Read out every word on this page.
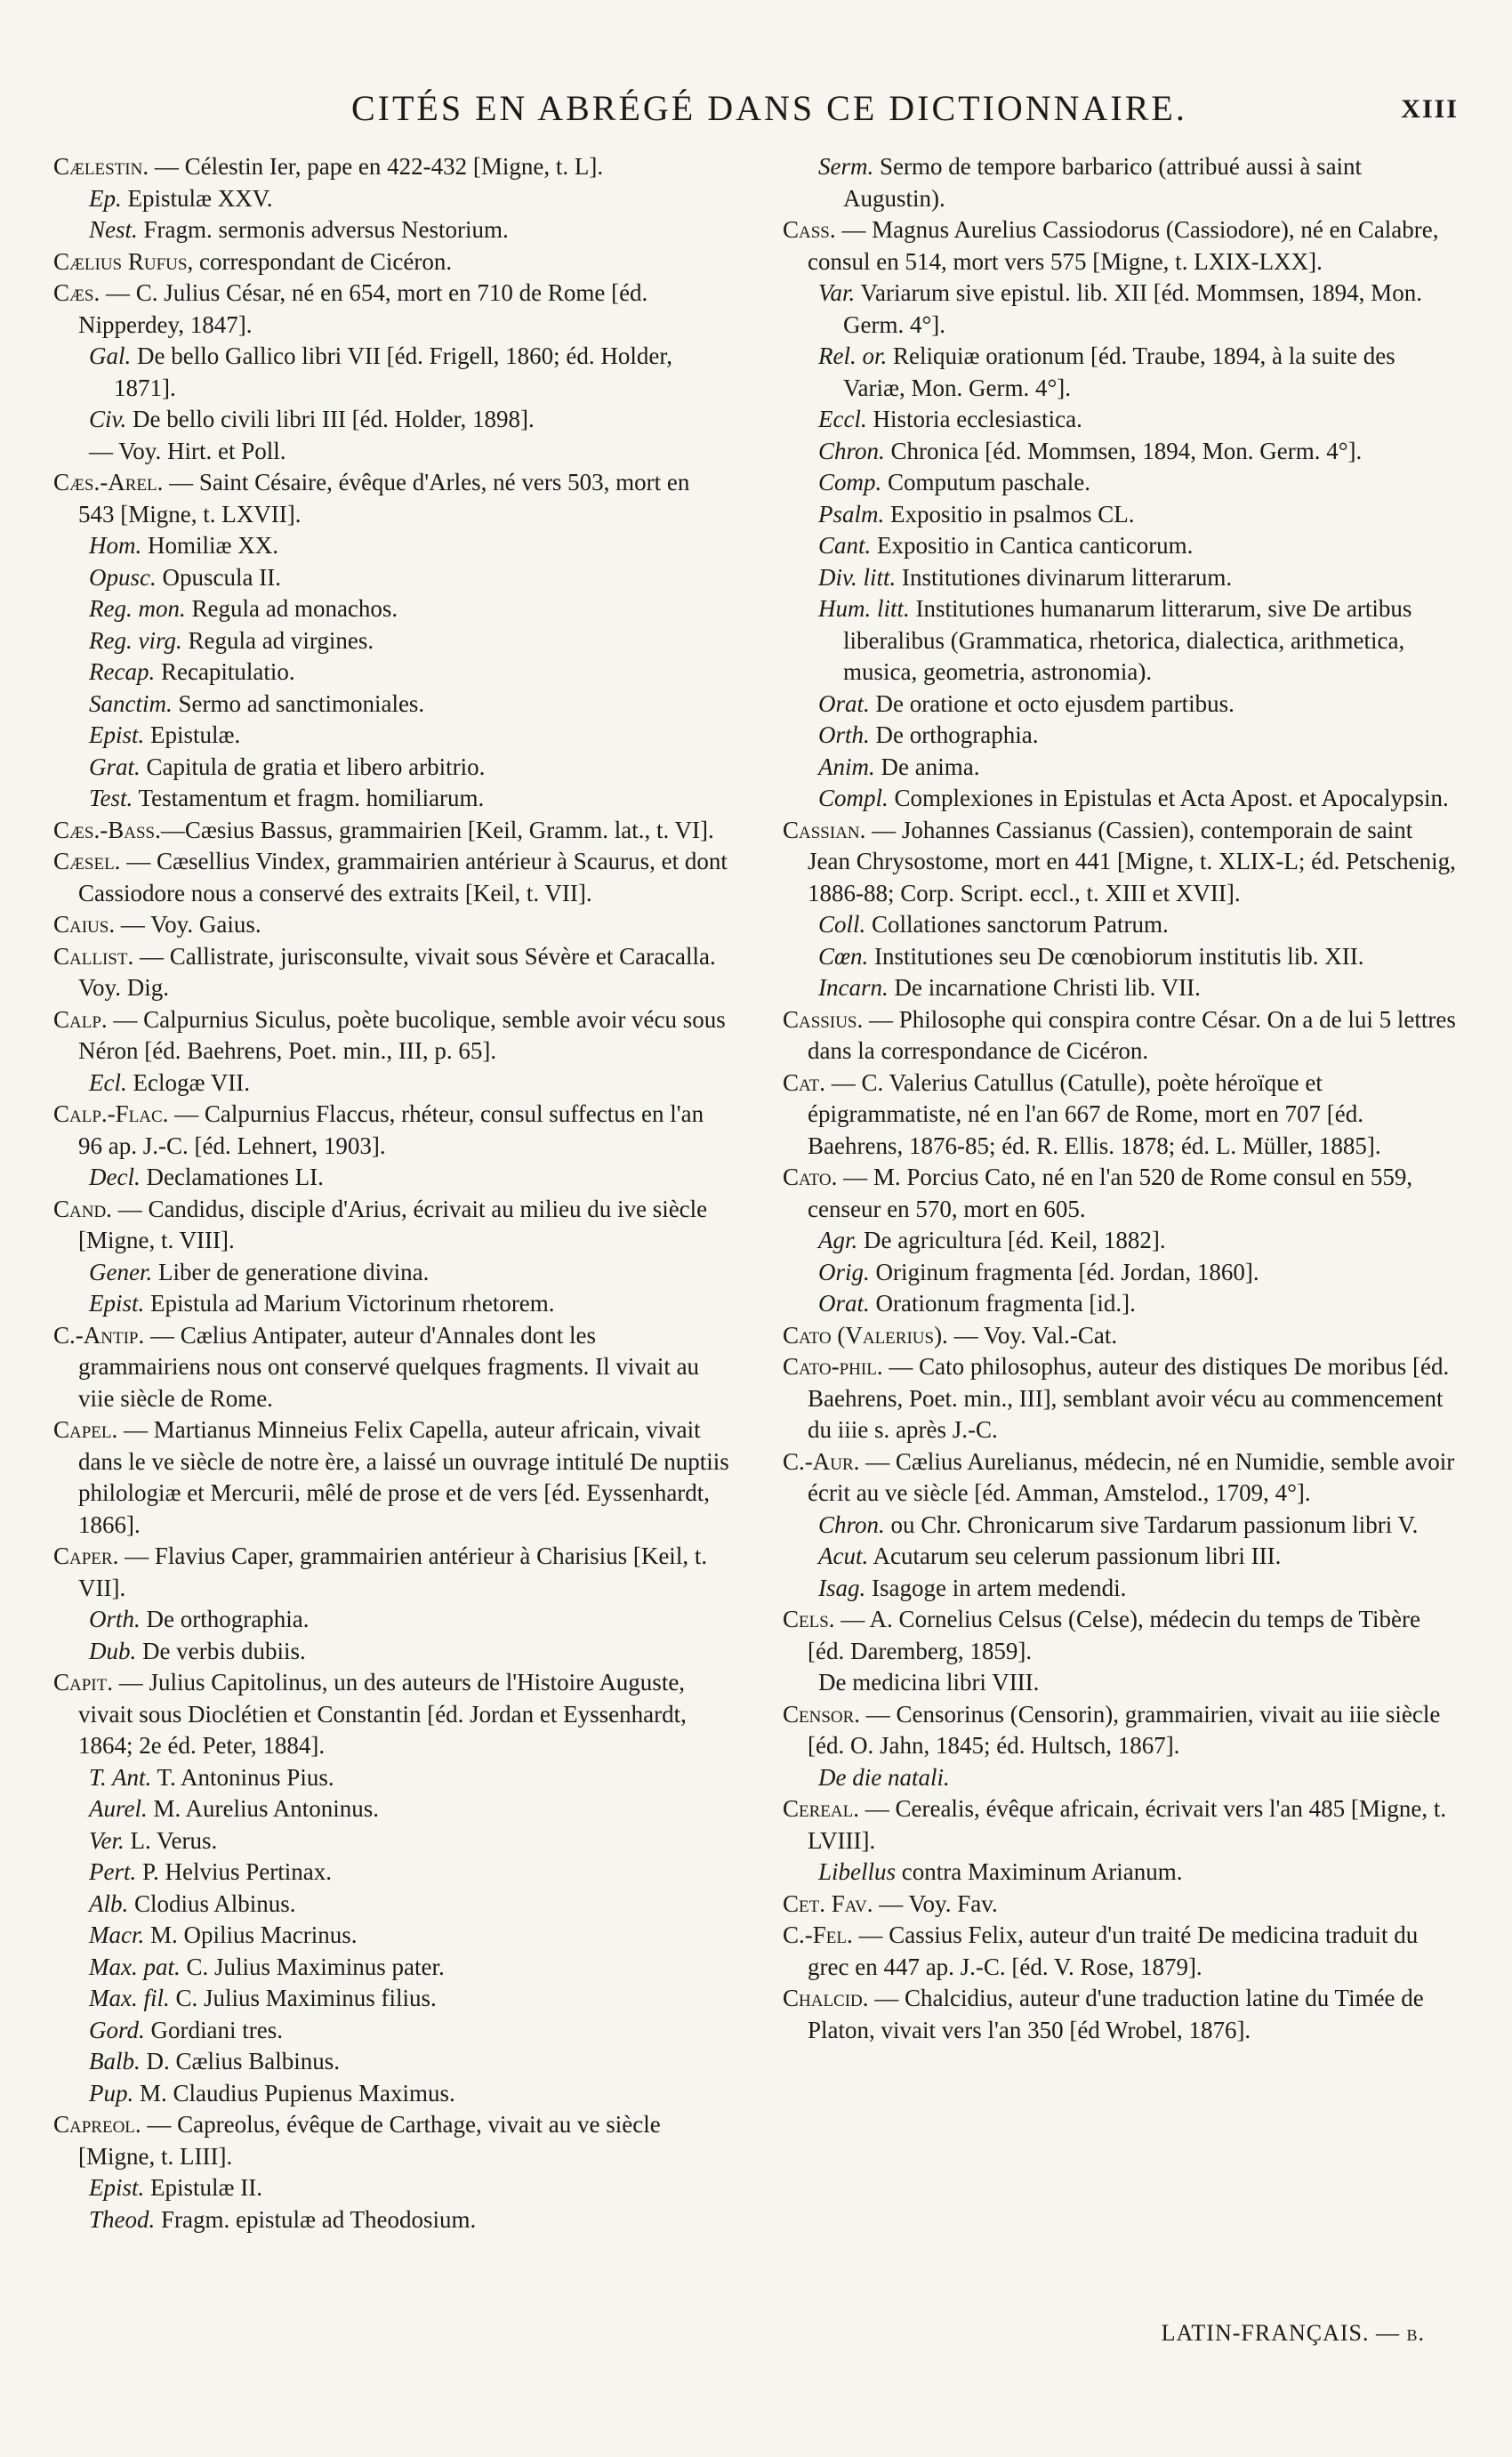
CITÉS EN ABRÉGÉ DANS CE DICTIONNAIRE.	XIII

Cælestin. — Célestin Ier, pape en 422-432 [Migne, t. L].

Ep. Epistulæ XXV.

Nest. Fragm. sermonis adversus Nestorium.

Cælius Rufus, correspondant de Cicéron.

Cæs. — C. Julius César, né en 654, mort en 710 de Rome [éd. Nipperdey, 1847].

Gal. De bello Gallico libri VII [éd. Frigell, 1860; éd. Holder, 1871].

Civ. De bello civili libri III [éd. Holder, 1898].

— Voy. Hirt. et Poll.

Cæs.-Arel. — Saint Césaire, évêque d'Arles, né vers 503, mort en 543 [Migne, t. LXVII].

Hom. Homiliæ XX.

Opusc. Opuscula II.

Reg. mon. Regula ad monachos.

Reg. virg. Regula ad virgines.

Recap. Recapitulatio.

Sanctim. Sermo ad sanctimoniales.

Epist. Epistulæ.

Grat. Capitula de gratia et libero arbitrio.

Test. Testamentum et fragm. homiliarum.

Cæs.-Bass.—Cæsius Bassus, grammairien [Keil, Gramm. lat., t. VI].

Cæsel. — Cæsellius Vindex, grammairien antérieur à Scaurus, et dont Cassiodore nous a conservé des extraits [Keil, t. VII].

Caius. — Voy. Gaius.

Callist. — Callistrate, jurisconsulte, vivait sous Sévère et Caracalla. Voy. Dig.

Calp. — Calpurnius Siculus, poète bucolique, semble avoir vécu sous Néron [éd. Baehrens, Poet. min., III, p. 65].

Ecl. Eclogæ VII.

Calp.-Flac. — Calpurnius Flaccus, rhéteur, consul suffectus en l'an 96 ap. J.-C. [éd. Lehnert, 1903].

Decl. Declamationes LI.

Cand. — Candidus, disciple d'Arius, écrivait au milieu du ive siècle [Migne, t. VIII].

Gener. Liber de generatione divina.

Epist. Epistula ad Marium Victorinum rhetorem.

C.-Antip. — Cælius Antipater, auteur d'Annales dont les grammairiens nous ont conservé quelques fragments. Il vivait au viie siècle de Rome.

Capel. — Martianus Minneius Felix Capella, auteur africain, vivait dans le ve siècle de notre ère, a laissé un ouvrage intitulé De nuptiis philologiæ et Mercurii, mêlé de prose et de vers [éd. Eyssenhardt, 1866].

Caper. — Flavius Caper, grammairien antérieur à Charisius [Keil, t. VII].

Orth. De orthographia.

Dub. De verbis dubiis.

Capit. — Julius Capitolinus, un des auteurs de l'Histoire Auguste, vivait sous Dioclétien et Constantin [éd. Jordan et Eyssenhardt, 1864; 2e éd. Peter, 1884].

T. Ant. T. Antoninus Pius.

Aurel. M. Aurelius Antoninus.

Ver. L. Verus.

Pert. P. Helvius Pertinax.

Alb. Clodius Albinus.

Macr. M. Opilius Macrinus.

Max. pat. C. Julius Maximinus pater.

Max. fil. C. Julius Maximinus filius.

Gord. Gordiani tres.

Balb. D. Cælius Balbinus.

Pup. M. Claudius Pupienus Maximus.

Capreol. — Capreolus, évêque de Carthage, vivait au ve siècle [Migne, t. LIII].

Epist. Epistulæ II.

Theod. Fragm. epistulæ ad Theodosium.

Serm. Sermo de tempore barbarico (attribué aussi à saint Augustin).

Cass. — Magnus Aurelius Cassiodorus (Cassiodore), né en Calabre, consul en 514, mort vers 575 [Migne, t. LXIX-LXX].

Var. Variarum sive epistul. lib. XII [éd. Mommsen, 1894, Mon. Germ. 4°].

Rel. or. Reliquiæ orationum [éd. Traube, 1894, à la suite des Variæ, Mon. Germ. 4°].

Eccl. Historia ecclesiastica.

Chron. Chronica [éd. Mommsen, 1894, Mon. Germ. 4°].

Comp. Computum paschale.

Psalm. Expositio in psalmos CL.

Cant. Expositio in Cantica canticorum.

Div. litt. Institutiones divinarum litterarum.

Hum. litt. Institutiones humanarum litterarum, sive De artibus liberalibus (Grammatica, rhetorica, dialectica, arithmetica, musica, geometria, astronomia).

Orat. De oratione et octo ejusdem partibus.

Orth. De orthographia.

Anim. De anima.

Compl. Complexiones in Epistulas et Acta Apost. et Apocalypsin.

Cassian. — Johannes Cassianus (Cassien), contemporain de saint Jean Chrysostome, mort en 441 [Migne, t. XLIX-L; éd. Petschenig, 1886-88; Corp. Script. eccl., t. XIII et XVII].

Coll. Collationes sanctorum Patrum.

Cœn. Institutiones seu De cœnobiorum institutis lib. XII.

Incarn. De incarnatione Christi lib. VII.

Cassius. — Philosophe qui conspira contre César. On a de lui 5 lettres dans la correspondance de Cicéron.

Cat. — C. Valerius Catullus (Catulle), poète héroïque et épigrammatiste, né en l'an 667 de Rome, mort en 707 [éd. Baehrens, 1876-85; éd. R. Ellis. 1878; éd. L. Müller, 1885].

Cato. — M. Porcius Cato, né en l'an 520 de Rome consul en 559, censeur en 570, mort en 605.

Agr. De agricultura [éd. Keil, 1882].

Orig. Originum fragmenta [éd. Jordan, 1860].

Orat. Orationum fragmenta [id.].

Cato (Valerius). — Voy. Val.-Cat.

Cato-phil. — Cato philosophus, auteur des distiques De moribus [éd. Baehrens, Poet. min., III], semblant avoir vécu au commencement du iiie s. après J.-C.

C.-Aur. — Cælius Aurelianus, médecin, né en Numidie, semble avoir écrit au ve siècle [éd. Amman, Amstelod., 1709, 4°].

Chron. ou Chr. Chronicarum sive Tardarum passionum libri V.

Acut. Acutarum seu celerum passionum libri III.

Isag. Isagoge in artem medendi.

Cels. — A. Cornelius Celsus (Celse), médecin du temps de Tibère [éd. Daremberg, 1859].

De medicina libri VIII.

Censor. — Censorinus (Censorin), grammairien, vivait au iiie siècle [éd. O. Jahn, 1845; éd. Hultsch, 1867].

De die natali.

Cereal. — Cerealis, évêque africain, écrivait vers l'an 485 [Migne, t. LVIII].

Libellus contra Maximinum Arianum.

Cet. Fav. — Voy. Fav.

C.-Fel. — Cassius Felix, auteur d'un traité De medicina traduit du grec en 447 ap. J.-C. [éd. V. Rose, 1879].

Chalcid. — Chalcidius, auteur d'une traduction latine du Timée de Platon, vivait vers l'an 350 [éd Wrobel, 1876].

LATIN-FRANÇAIS. — b.
